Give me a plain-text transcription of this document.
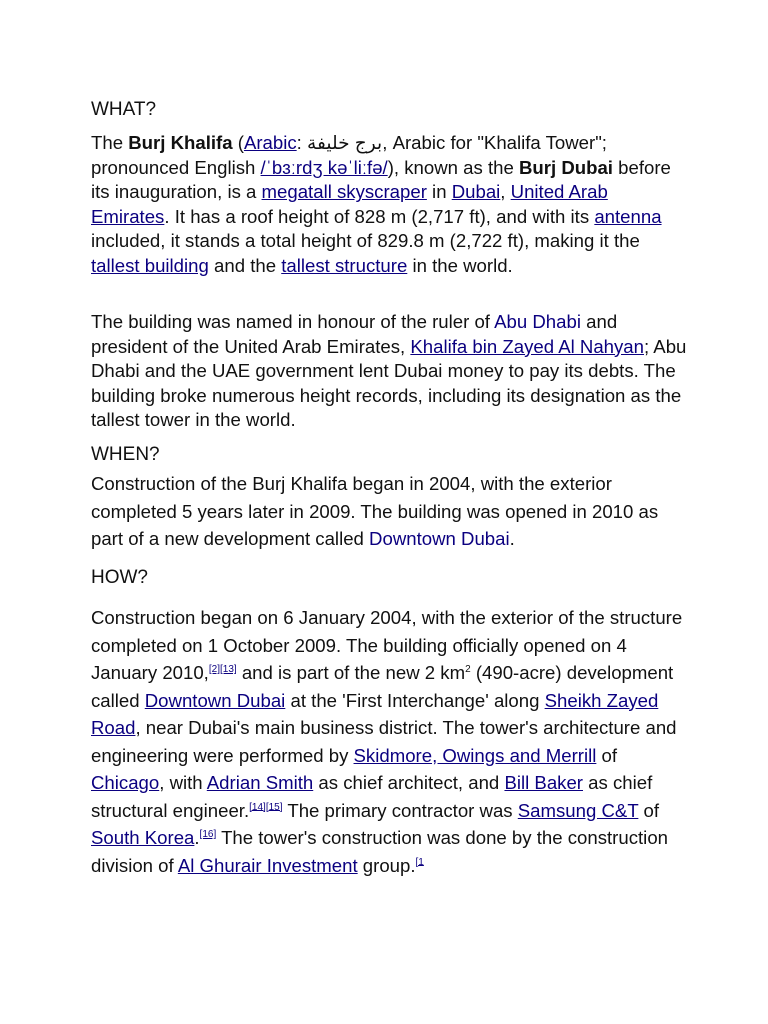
WHAT?

The Burj Khalifa (Arabic: برج خليفة, Arabic for "Khalifa Tower"; pronounced English /ˈbɜːrdʒ kəˈliːfə/), known as the Burj Dubai before its inauguration, is a megatall skyscraper in Dubai, United Arab Emirates. It has a roof height of 828 m (2,717 ft), and with its antenna included, it stands a total height of 829.8 m (2,722 ft), making it the tallest building and the tallest structure in the world.

The building was named in honour of the ruler of Abu Dhabi and president of the United Arab Emirates, Khalifa bin Zayed Al Nahyan; Abu Dhabi and the UAE government lent Dubai money to pay its debts. The building broke numerous height records, including its designation as the tallest tower in the world.

WHEN?

Construction of the Burj Khalifa began in 2004, with the exterior completed 5 years later in 2009. The building was opened in 2010 as part of a new development called Downtown Dubai.

HOW?

Construction began on 6 January 2004, with the exterior of the structure completed on 1 October 2009. The building officially opened on 4 January 2010,[2][13] and is part of the new 2 $km^2$ (490-acre) development called Downtown Dubai at the 'First Interchange' along Sheikh Zayed Road, near Dubai's main business district. The tower's architecture and engineering were performed by Skidmore, Owings and Merrill of Chicago, with Adrian Smith as chief architect, and Bill Baker as chief structural engineer.[14][15] The primary contractor was Samsung C&T of South Korea.[16] The tower's construction was done by the construction division of Al Ghurair Investment group.$^{[1}$
